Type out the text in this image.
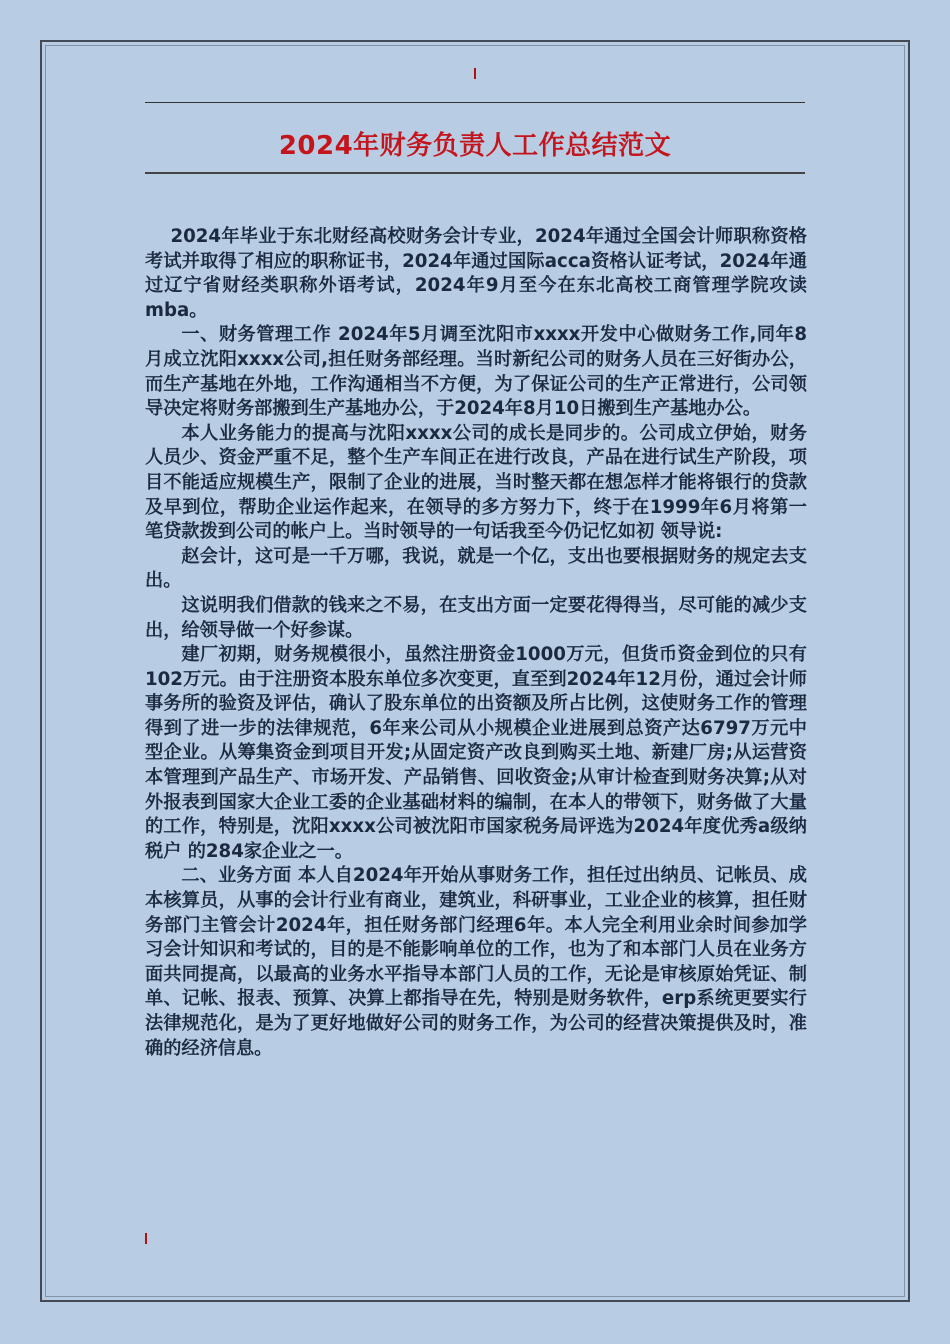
2024年财务负责人工作总结范文

2024年毕业于东北财经高校财务会计专业，2024年通过全国会计师职称资格考试并取得了相应的职称证书，2024年通过国际acca资格认证考试，2024年通过辽宁省财经类职称外语考试，2024年9月至今在东北高校工商管理学院攻读mba。

一、财务管理工作 2024年5月调至沈阳市xxxx开发中心做财务工作,同年8月成立沈阳xxxx公司,担任财务部经理。当时新纪公司的财务人员在三好街办公，而生产基地在外地，工作沟通相当不方便，为了保证公司的生产正常进行，公司领导决定将财务部搬到生产基地办公，于2024年8月10日搬到生产基地办公。

本人业务能力的提高与沈阳xxxx公司的成长是同步的。公司成立伊始，财务人员少、资金严重不足，整个生产车间正在进行改良，产品在进行试生产阶段，项目不能适应规模生产，限制了企业的进展，当时整天都在想怎样才能将银行的贷款及早到位，帮助企业运作起来，在领导的多方努力下，终于在1999年6月将第一笔贷款拨到公司的帐户上。当时领导的一句话我至今仍记忆如初 领导说:

赵会计，这可是一千万哪，我说，就是一个亿，支出也要根据财务的规定去支出。

这说明我们借款的钱来之不易，在支出方面一定要花得得当，尽可能的减少支出，给领导做一个好参谋。

建厂初期，财务规模很小，虽然注册资金1000万元，但货币资金到位的只有102万元。由于注册资本股东单位多次变更，直至到2024年12月份，通过会计师事务所的验资及评估，确认了股东单位的出资额及所占比例，这使财务工作的管理得到了进一步的法律规范，6年来公司从小规模企业进展到总资产达6797万元中型企业。从筹集资金到项目开发;从固定资产改良到购买土地、新建厂房;从运营资本管理到产品生产、市场开发、产品销售、回收资金;从审计检查到财务决算;从对外报表到国家大企业工委的企业基础材料的编制，在本人的带领下，财务做了大量的工作，特别是，沈阳xxxx公司被沈阳市国家税务局评选为2024年度优秀a级纳税户 的284家企业之一。

二、业务方面 本人自2024年开始从事财务工作，担任过出纳员、记帐员、成本核算员，从事的会计行业有商业，建筑业，科研事业，工业企业的核算，担任财务部门主管会计2024年，担任财务部门经理6年。本人完全利用业余时间参加学习会计知识和考试的，目的是不能影响单位的工作，也为了和本部门人员在业务方面共同提高，以最高的业务水平指导本部门人员的工作，无论是审核原始凭证、制单、记帐、报表、预算、决算上都指导在先，特别是财务软件，erp系统更要实行法律规范化，是为了更好地做好公司的财务工作，为公司的经营决策提供及时，准确的经济信息。
